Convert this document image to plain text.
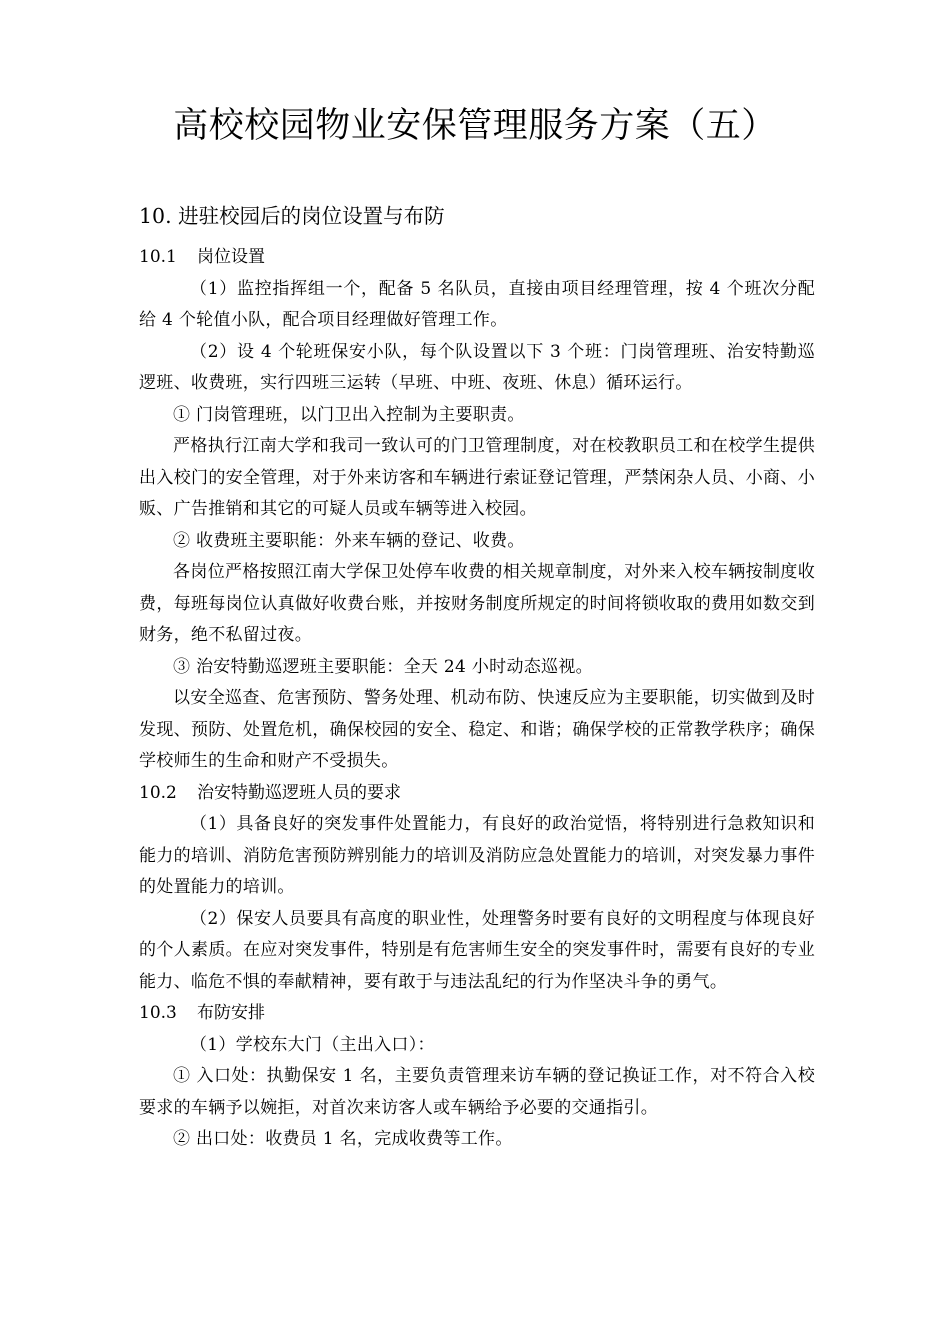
高校校园物业安保管理服务方案（五）
10. 进驻校园后的岗位设置与布防
10.1 岗位设置

（1）监控指挥组一个，配备 5 名队员，直接由项目经理管理，按 4 个班次分配给 4 个轮值小队，配合项目经理做好管理工作。

（2）设 4 个轮班保安小队，每个队设置以下 3 个班：门岗管理班、治安特勤巡逻班、收费班，实行四班三运转（早班、中班、夜班、休息）循环运行。

① 门岗管理班，以门卫出入控制为主要职责。

严格执行江南大学和我司一致认可的门卫管理制度，对在校教职员工和在校学生提供出入校门的安全管理，对于外来访客和车辆进行索证登记管理，严禁闲杂人员、小商、小贩、广告推销和其它的可疑人员或车辆等进入校园。

② 收费班主要职能：外来车辆的登记、收费。

各岗位严格按照江南大学保卫处停车收费的相关规章制度，对外来入校车辆按制度收费，每班每岗位认真做好收费台账，并按财务制度所规定的时间将锁收取的费用如数交到财务，绝不私留过夜。

③ 治安特勤巡逻班主要职能：全天 24 小时动态巡视。

以安全巡查、危害预防、警务处理、机动布防、快速反应为主要职能，切实做到及时发现、预防、处置危机，确保校园的安全、稳定、和谐；确保学校的正常教学秩序；确保学校师生的生命和财产不受损失。

10.2 治安特勤巡逻班人员的要求

（1）具备良好的突发事件处置能力，有良好的政治觉悟，将特别进行急救知识和能力的培训、消防危害预防辨别能力的培训及消防应急处置能力的培训，对突发暴力事件的处置能力的培训。

（2）保安人员要具有高度的职业性，处理警务时要有良好的文明程度与体现良好的个人素质。在应对突发事件，特别是有危害师生安全的突发事件时，需要有良好的专业能力、临危不惧的奉献精神，要有敢于与违法乱纪的行为作坚决斗争的勇气。

10.3 布防安排

（1）学校东大门（主出入口）：

① 入口处：执勤保安 1 名，主要负责管理来访车辆的登记换证工作，对不符合入校要求的车辆予以婉拒，对首次来访客人或车辆给予必要的交通指引。

② 出口处：收费员 1 名，完成收费等工作。
